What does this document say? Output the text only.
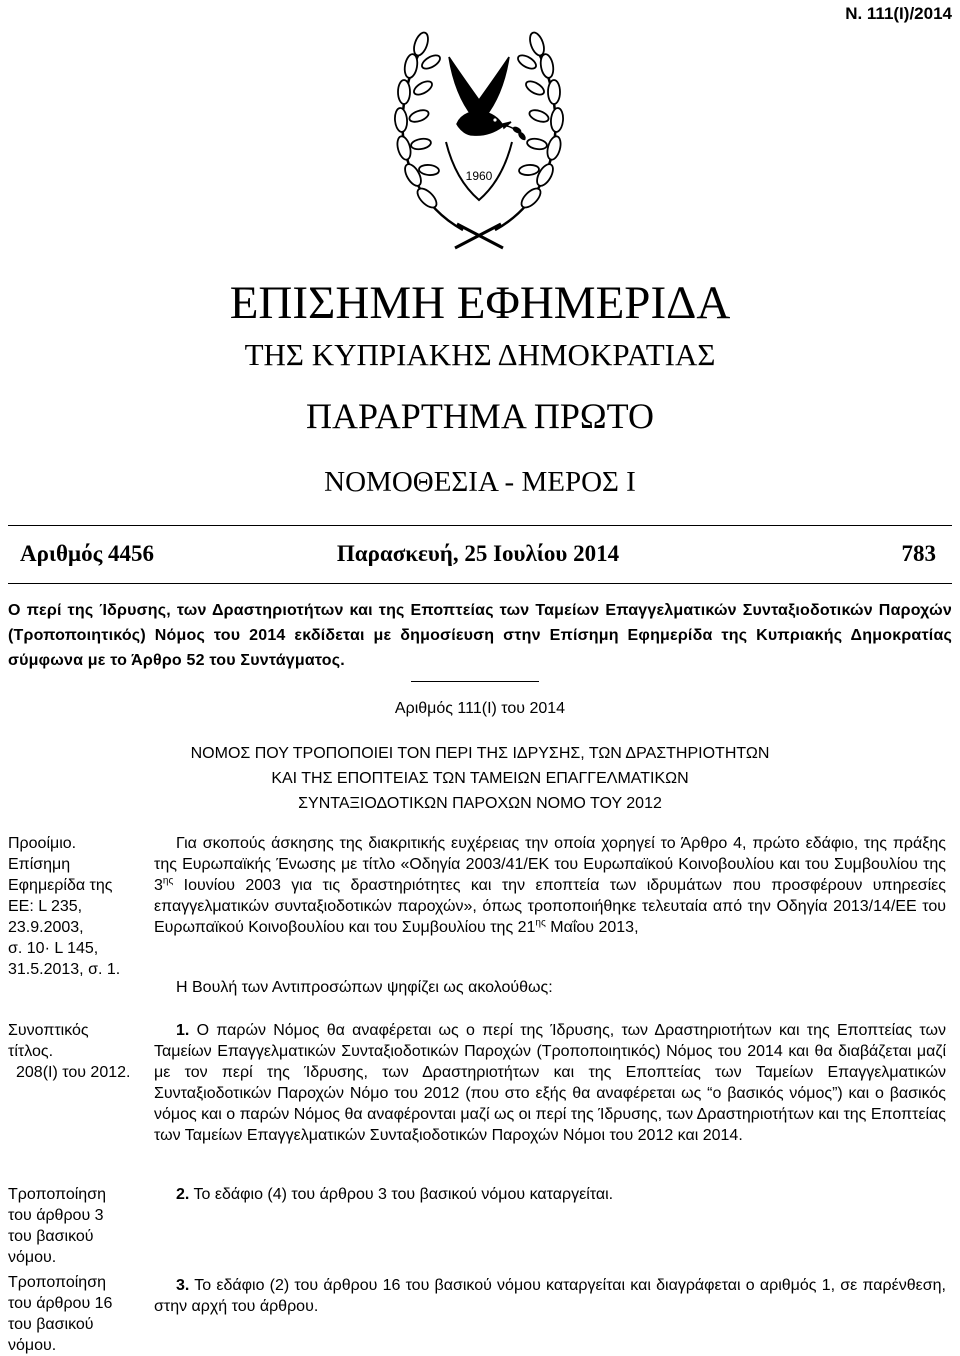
Ν. 111(Ι)/2014
1960
ΕΠΙΣΗΜΗ ΕΦΗΜΕΡΙΔΑ
ΤΗΣ ΚΥΠΡΙΑΚΗΣ ΔΗΜΟΚΡΑΤΙΑΣ
ΠΑΡΑΡΤΗΜΑ ΠΡΩΤΟ
ΝΟΜΟΘΕΣΙΑ - ΜΕΡΟΣ Ι
Αριθμός 4456	Παρασκευή, 25 Ιουλίου 2014	783
Ο περί της Ίδρυσης, των Δραστηριοτήτων και της Εποπτείας των Ταμείων Επαγγελματικών Συνταξιοδοτικών Παροχών (Τροποποιητικός) Νόμος του 2014 εκδίδεται με δημοσίευση στην Επίσημη Εφημερίδα της Κυπριακής Δημοκρατίας σύμφωνα με το Άρθρο 52 του Συντάγματος.
Αριθμός 111(Ι) του 2014
ΝΟΜΟΣ ΠΟΥ ΤΡΟΠΟΠΟΙΕΙ ΤΟΝ ΠΕΡΙ ΤΗΣ ΙΔΡΥΣΗΣ, ΤΩΝ ΔΡΑΣΤΗΡΙΟΤΗΤΩΝ
ΚΑΙ ΤΗΣ ΕΠΟΠΤΕΙΑΣ ΤΩΝ ΤΑΜΕΙΩΝ ΕΠΑΓΓΕΛΜΑΤΙΚΩΝ
ΣΥΝΤΑΞΙΟΔΟΤΙΚΩΝ ΠΑΡΟΧΩΝ ΝΟΜΟ ΤΟΥ 2012
Προοίμιο.
Επίσημη
Εφημερίδα της
ΕΕ: L 235,
23.9.2003,
σ. 10· L 145,
31.5.2013, σ. 1.
Συνοπτικός
τίτλος.
208(Ι) του 2012.
Τροποποίηση
του άρθρου 3
του βασικού
νόμου.
Τροποποίηση
του άρθρου 16
του βασικού
νόμου.

Για σκοπούς άσκησης της διακριτικής ευχέρειας την οποία χορηγεί το Άρθρο 4, πρώτο εδάφιο, της πράξης της Ευρωπαϊκής Ένωσης με τίτλο «Οδηγία 2003/41/ΕΚ του Ευρωπαϊκού Κοινοβουλίου και του Συμβουλίου της $3^{\eta\varsigma}$ Ιουνίου 2003 για τις δραστηριότητες και την εποπτεία των ιδρυμάτων που προσφέρουν υπηρεσίες επαγγελματικών συνταξιοδοτικών παροχών», όπως τροποποιήθηκε τελευταία από την Οδηγία 2013/14/ΕΕ του Ευρωπαϊκού Κοινοβουλίου και του Συμβουλίου της $21^{\eta\varsigma}$ Μαΐου 2013,

Η Βουλή των Αντιπροσώπων ψηφίζει ως ακολούθως:

1. Ο παρών Νόμος θα αναφέρεται ως ο περί της Ίδρυσης, των Δραστηριοτήτων και της Εποπτείας των Ταμείων Επαγγελματικών Συνταξιοδοτικών Παροχών (Τροποποιητικός) Νόμος του 2014 και θα διαβάζεται μαζί με τον περί της Ίδρυσης, των Δραστηριοτήτων και της Εποπτείας των Ταμείων Επαγγελματικών Συνταξιοδοτικών Παροχών Νόμο του 2012 (που στο εξής θα αναφέρεται ως “ο βασικός νόμος”) και ο βασικός νόμος και ο παρών Νόμος θα αναφέρονται μαζί ως οι περί της Ίδρυσης, των Δραστηριοτήτων και της Εποπτείας των Ταμείων Επαγγελματικών Συνταξιοδοτικών Παροχών Νόμοι του 2012 και 2014.

2. Το εδάφιο (4) του άρθρου 3 του βασικού νόμου καταργείται.

3. Το εδάφιο (2) του άρθρου 16 του βασικού νόμου καταργείται και διαγράφεται ο αριθμός 1, σε παρένθεση, στην αρχή του άρθρου.
